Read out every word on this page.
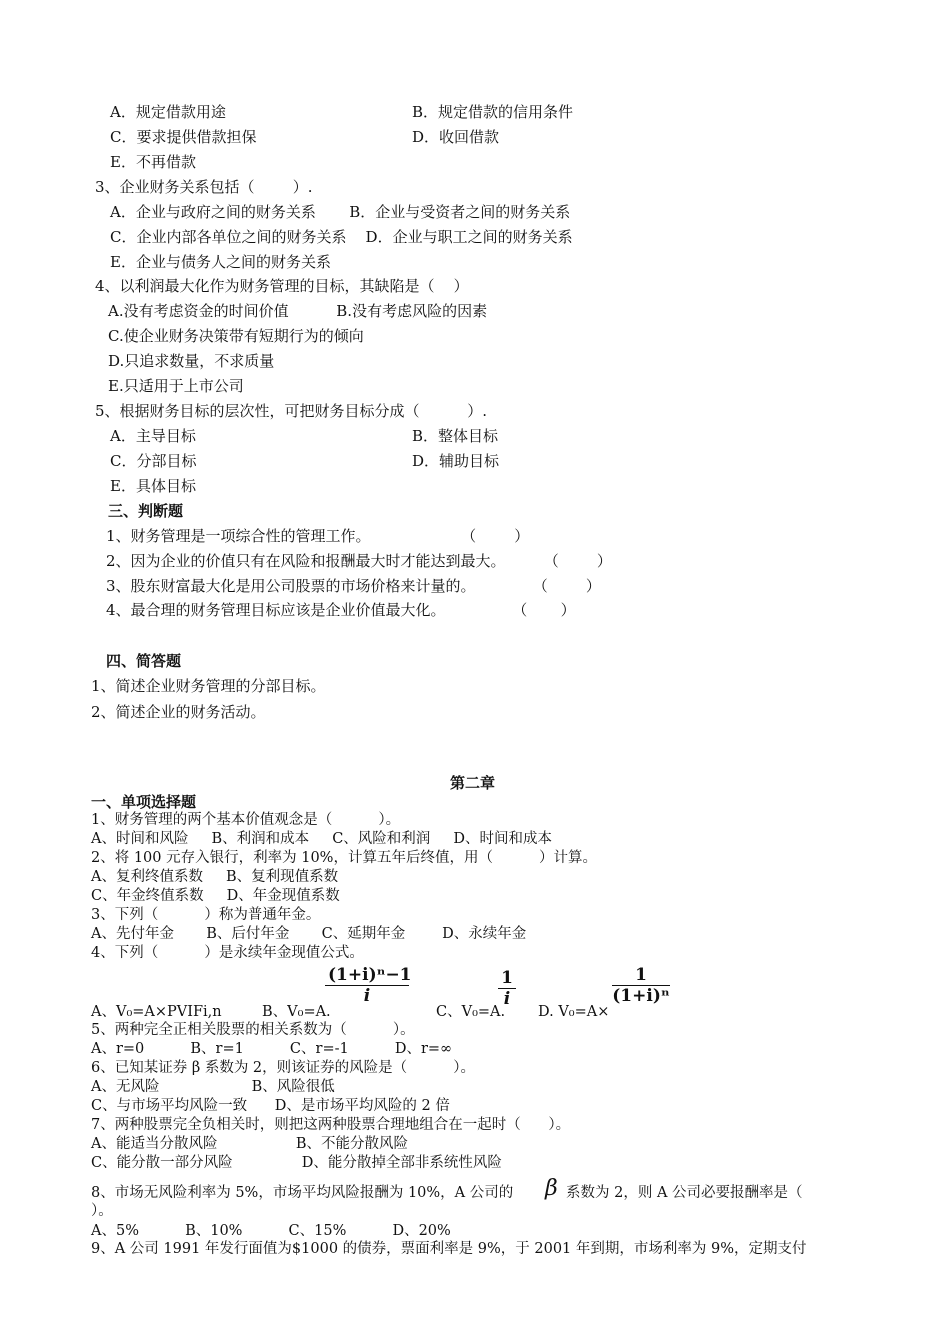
A．规定借款用途	B．规定借款的信用条件
C．要求提供借款担保	D．收回借款
E．不再借款
3、企业财务关系包括（        ）.
A．企业与政府之间的财务关系       B．企业与受资者之间的财务关系
C．企业内部各单位之间的财务关系    D．企业与职工之间的财务关系
E．企业与债务人之间的财务关系
4、以利润最大化作为财务管理的目标，其缺陷是（    ）
A.没有考虑资金的时间价值          B.没有考虑风险的因素
C.使企业财务决策带有短期行为的倾向
D.只追求数量，不求质量
E.只适用于上市公司
5、根据财务目标的层次性，可把财务目标分成（          ）.
A．主导目标	B．整体目标
C．分部目标	D．辅助目标
E．具体目标
三、判断题
1、财务管理是一项综合性的管理工作。                   （        ）
2、因为企业的价值只有在风险和报酬最大时才能达到最大。        （        ）
3、股东财富最大化是用公司股票的市场价格来计量的。            （        ）
4、最合理的财务管理目标应该是企业价值最大化。              （       ）
四、简答题
1、简述企业财务管理的分部目标。
2、简述企业的财务活动。
第二章
一、单项选择题
1、财务管理的两个基本价值观念是（          ）。
A、时间和风险     B、利润和成本     C、风险和利润     D、时间和成本
2、将 100 元存入银行，利率为 10%，计算五年后终值，用（          ）计算。
A、复利终值系数     B、复利现值系数
C、年金终值系数     D、年金现值系数
3、下列（          ）称为普通年金。
A、先付年金       B、后付年金       C、延期年金        D、永续年金
4、下列（          ）是永续年金现值公式。
A、V₀=A×PVIFi,n	B、V₀=A.
(1+i)ⁿ−1
i
C、V₀=A.
1
i
D. V₀=A×
1
(1+i)ⁿ
5、两种完全正相关股票的相关系数为（          ）。
A、r=0          B、r=1          C、r=-1          D、r=∞
6、已知某证券 β 系数为 2，则该证券的风险是（          ）。
A、无风险                    B、风险很低
C、与市场平均风险一致      D、是市场平均风险的 2 倍
7、两种股票完全负相关时，则把这两种股票合理地组合在一起时（      ）。
A、能适当分散风险                 B、不能分散风险
C、能分散一部分风险               D、能分散掉全部非系统性风险
8、市场无风险利率为 5%，市场平均风险报酬为 10%，A 公司的 β 系数为 2，则 A 公司必要报酬率是（
）。
A、5%          B、10%          C、15%          D、20%
9、A 公司 1991 年发行面值为$1000 的债券，票面利率是 9%，于 2001 年到期，市场利率为 9%，定期支付
